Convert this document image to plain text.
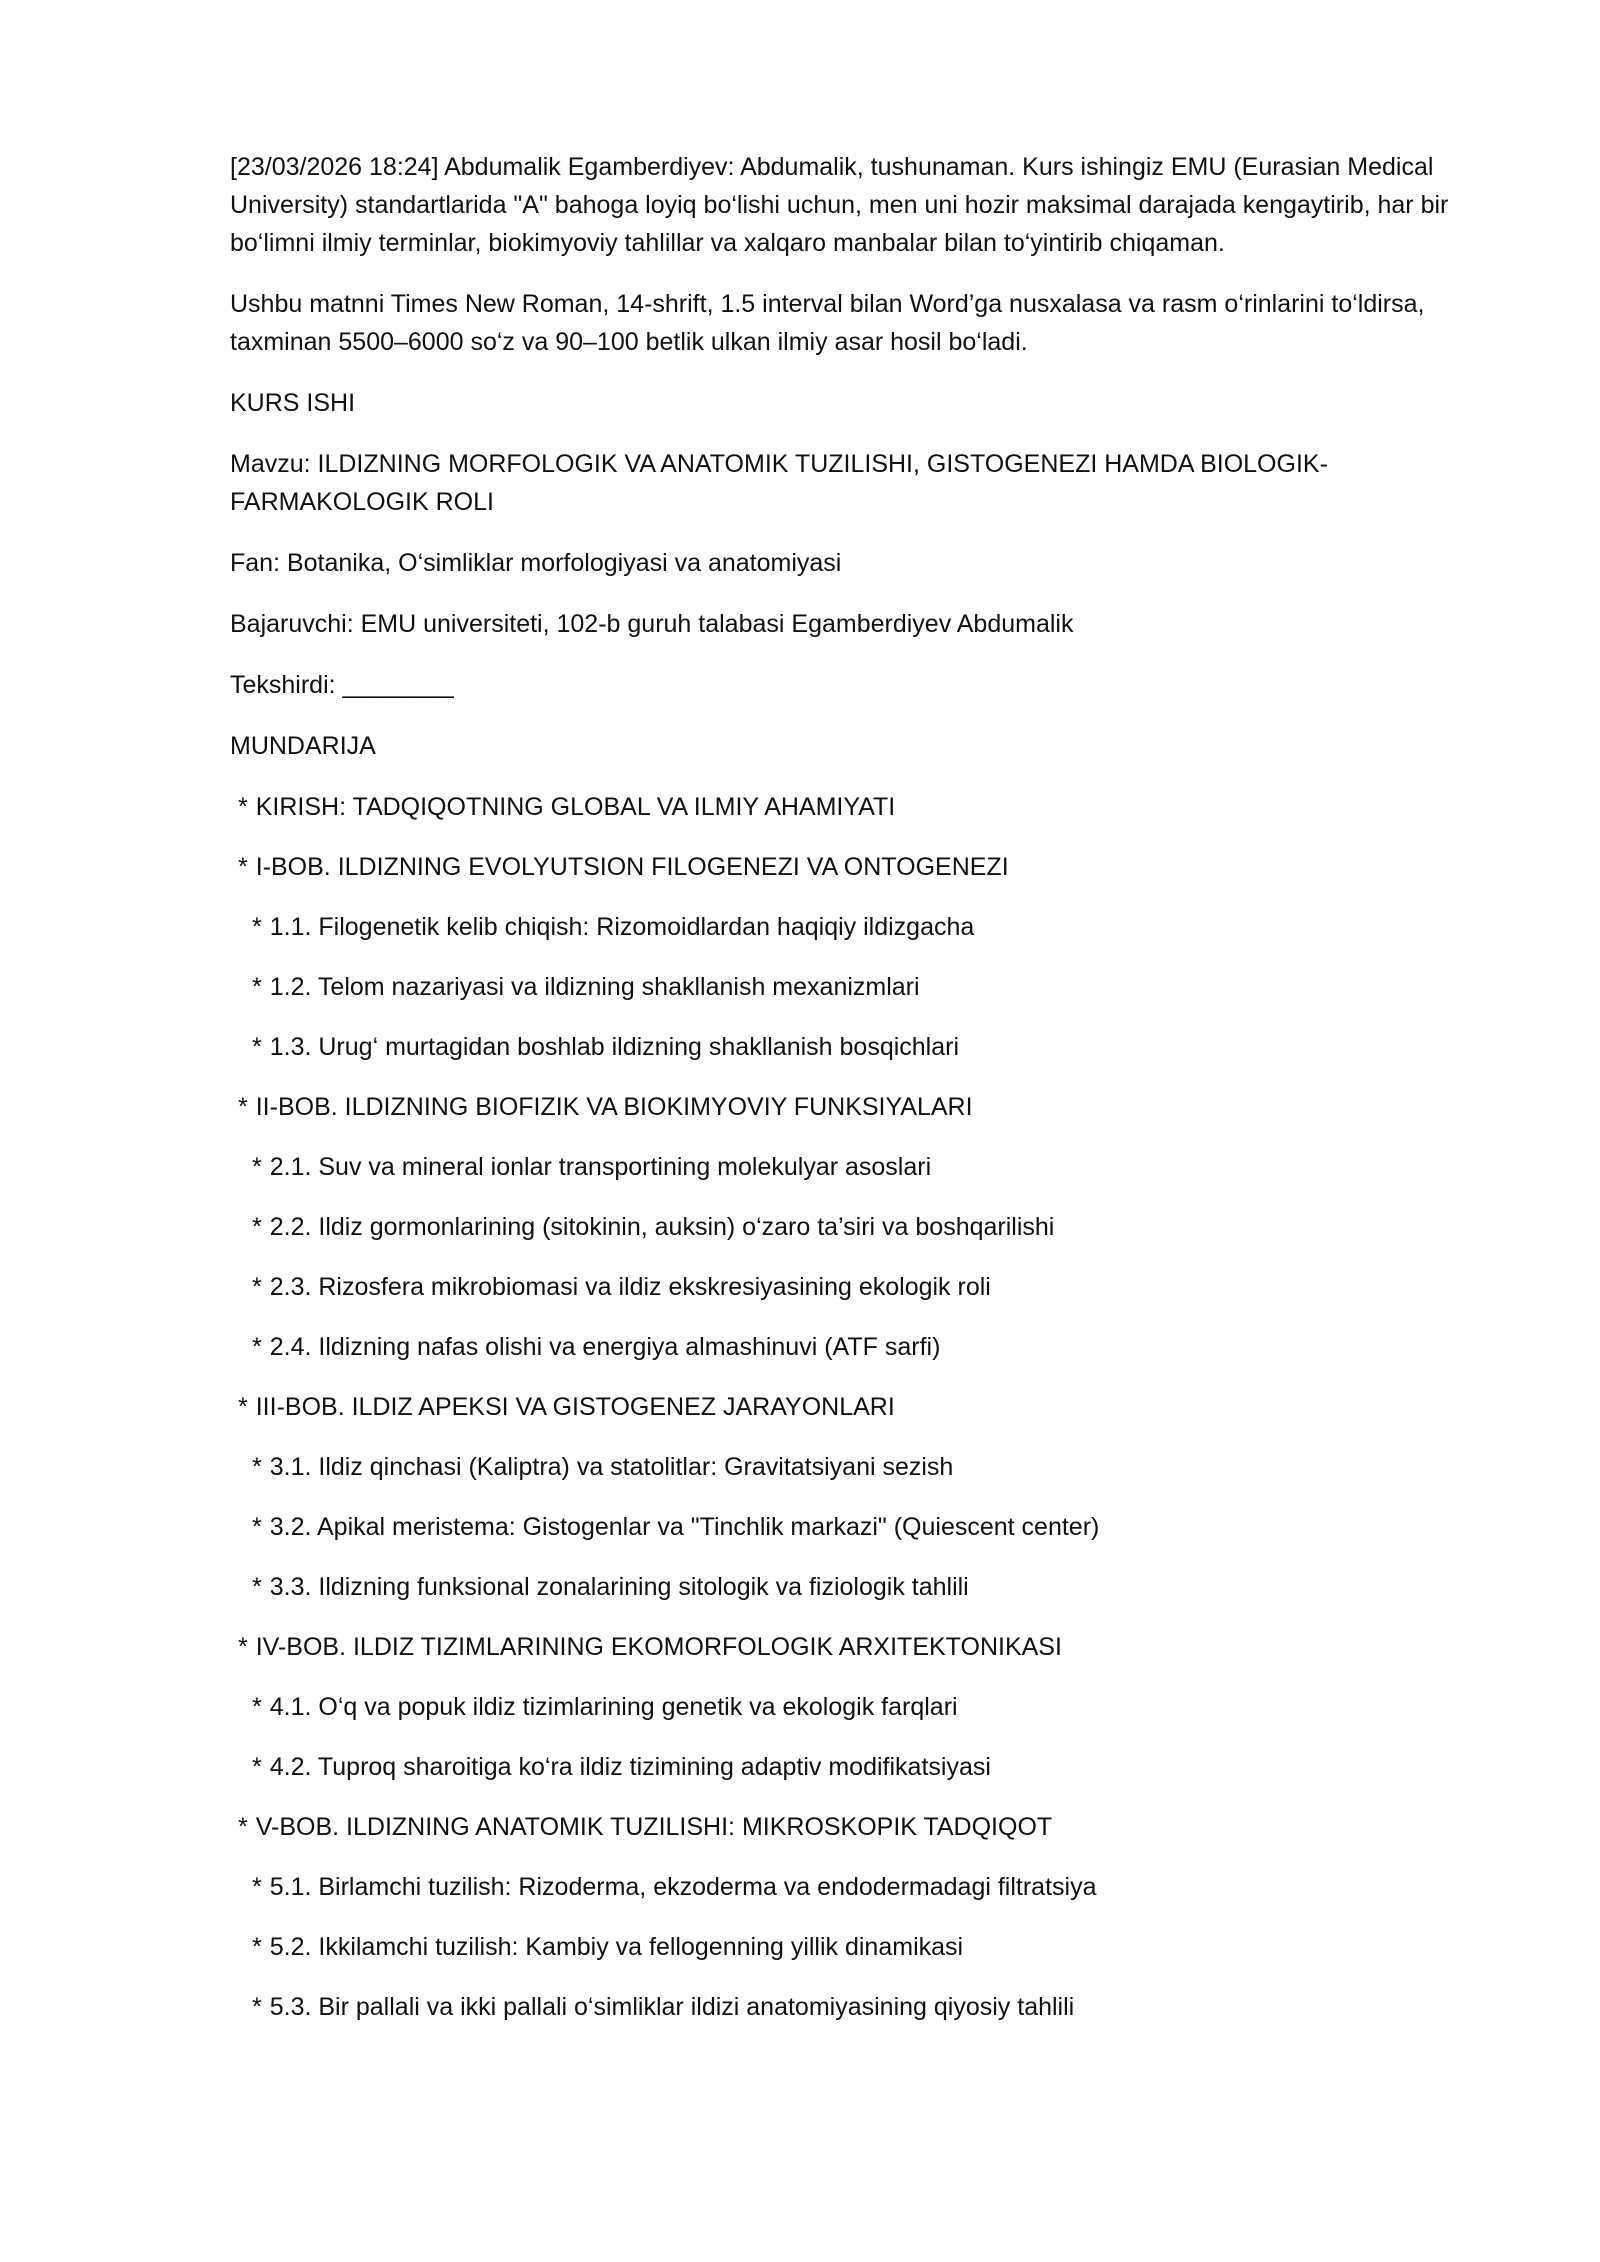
[23/03/2026 18:24] Abdumalik Egamberdiyev: Abdumalik, tushunaman. Kurs ishingiz EMU (Eurasian Medical University) standartlarida "A" bahoga loyiq bo‘lishi uchun, men uni hozir maksimal darajada kengaytirib, har bir bo‘limni ilmiy terminlar, biokimyoviy tahlillar va xalqaro manbalar bilan to‘yintirib chiqaman.

Ushbu matnni Times New Roman, 14-shrift, 1.5 interval bilan Word’ga nusxalasa va rasm o‘rinlarini to‘ldirsa, taxminan 5500–6000 so‘z va 90–100 betlik ulkan ilmiy asar hosil bo‘ladi.

KURS ISHI

Mavzu: ILDIZNING MORFOLOGIK VA ANATOMIK TUZILISHI, GISTOGENEZI HAMDA BIOLOGIK-FARMAKOLOGIK ROLI

Fan: Botanika, O‘simliklar morfologiyasi va anatomiyasi

Bajaruvchi: EMU universiteti, 102-b guruh talabasi Egamberdiyev Abdumalik

Tekshirdi: ________

MUNDARIJA

* KIRISH: TADQIQOTNING GLOBAL VA ILMIY AHAMIYATI
* I-BOB. ILDIZNING EVOLYUTSION FILOGENEZI VA ONTOGENEZI
* 1.1. Filogenetik kelib chiqish: Rizomoidlardan haqiqiy ildizgacha
* 1.2. Telom nazariyasi va ildizning shakllanish mexanizmlari
* 1.3. Urug‘ murtagidan boshlab ildizning shakllanish bosqichlari
* II-BOB. ILDIZNING BIOFIZIK VA BIOKIMYOVIY FUNKSIYALARI
* 2.1. Suv va mineral ionlar transportining molekulyar asoslari
* 2.2. Ildiz gormonlarining (sitokinin, auksin) o‘zaro ta’siri va boshqarilishi
* 2.3. Rizosfera mikrobiomasi va ildiz ekskresiyasining ekologik roli
* 2.4. Ildizning nafas olishi va energiya almashinuvi (ATF sarfi)
* III-BOB. ILDIZ APEKSI VA GISTOGENEZ JARAYONLARI
* 3.1. Ildiz qinchasi (Kaliptra) va statolitlar: Gravitatsiyani sezish
* 3.2. Apikal meristema: Gistogenlar va "Tinchlik markazi" (Quiescent center)
* 3.3. Ildizning funksional zonalarining sitologik va fiziologik tahlili
* IV-BOB. ILDIZ TIZIMLARINING EKOMORFOLOGIK ARXITEKTONIKASI
* 4.1. O‘q va popuk ildiz tizimlarining genetik va ekologik farqlari
* 4.2. Tuproq sharoitiga ko‘ra ildiz tizimining adaptiv modifikatsiyasi
* V-BOB. ILDIZNING ANATOMIK TUZILISHI: MIKROSKOPIK TADQIQOT
* 5.1. Birlamchi tuzilish: Rizoderma, ekzoderma va endodermadagi filtratsiya
* 5.2. Ikkilamchi tuzilish: Kambiy va fellogenning yillik dinamikasi
* 5.3. Bir pallali va ikki pallali o‘simliklar ildizi anatomiyasining qiyosiy tahlili
